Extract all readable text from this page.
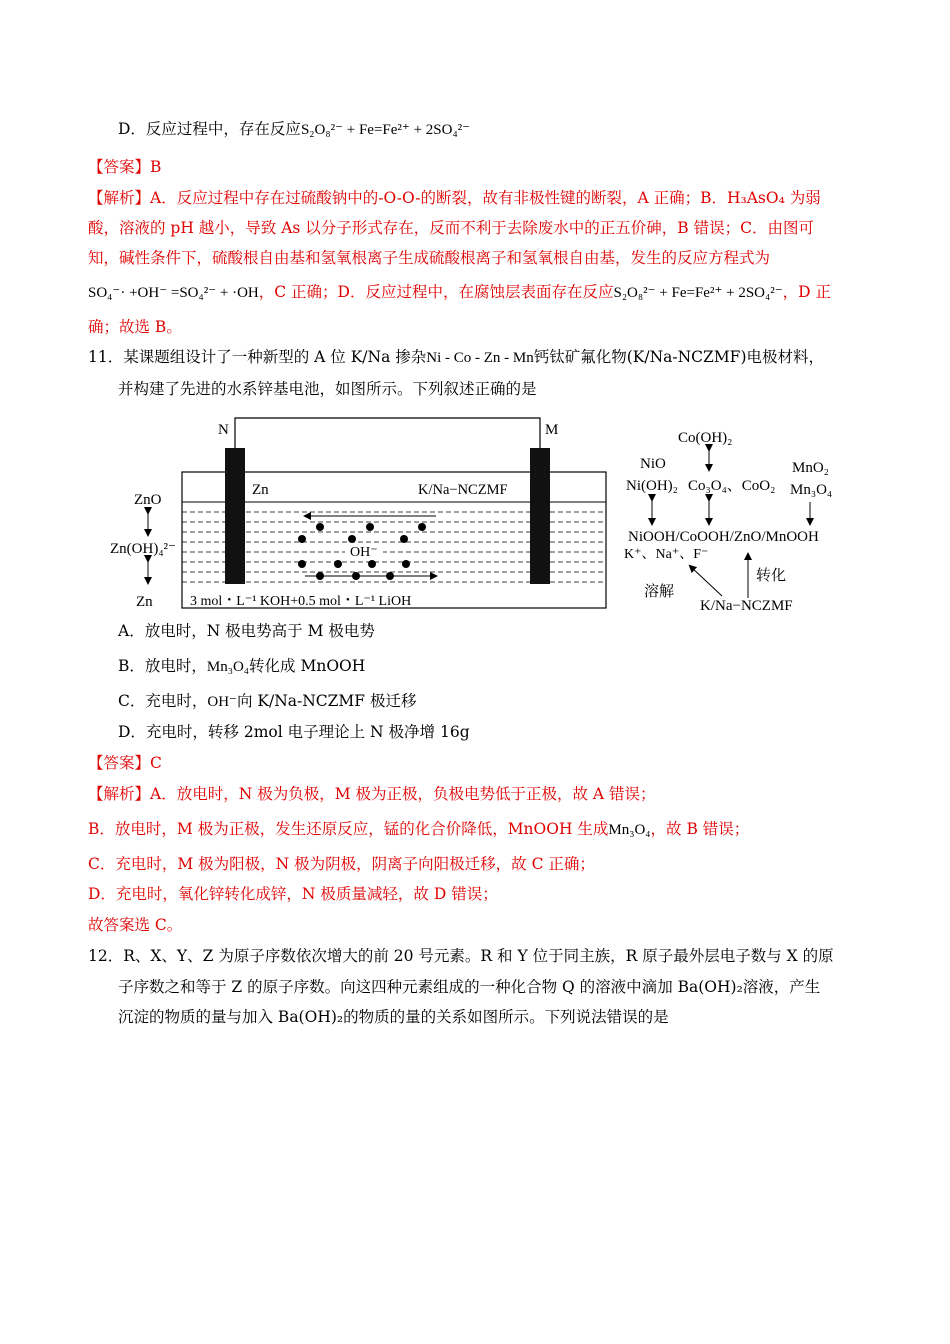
D．反应过程中，存在反应S₂O₈²⁻ + Fe=Fe²⁺ + 2SO₄²⁻
【答案】B
【解析】A．反应过程中存在过硫酸钠中的-O-O-的断裂，故有非极性键的断裂，A 正确；B．H₃AsO₄ 为弱
酸，溶液的 pH 越小，导致 As 以分子形式存在，反而不利于去除废水中的正五价砷，B 错误；C．由图可
知，碱性条件下，硫酸根自由基和氢氧根离子生成硫酸根离子和氢氧根自由基，发生的反应方程式为
SO₄⁻· +OH⁻ =SO₄²⁻ + ·OH，C 正确；D．反应过程中，在腐蚀层表面存在反应S₂O₈²⁻ + Fe=Fe²⁺ + 2SO₄²⁻，D 正
确；故选 B。
11．某课题组设计了一种新型的 A 位 K/Na 掺杂Ni - Co - Zn - Mn钙钛矿氟化物(K/Na-NCZMF)电极材料，
并构建了先进的水系锌基电池，如图所示。下列叙述正确的是
N	M
Zn	K/Na−NCZMF
OH⁻
3 mol・L⁻¹ KOH+0.5 mol・L⁻¹ LiOH
ZnO
Zn(OH)₄²⁻
Zn
Co(OH)₂
NiO
Ni(OH)₂ Co₃O₄、CoO₂
MnO₂
Mn₃O₄
NiOOH/CoOOH/ZnO/MnOOH
K⁺、Na⁺、F⁻
溶解
转化
K/Na−NCZMF
A．放电时，N 极电势高于 M 极电势
B．放电时，Mn₃O₄转化成 MnOOH
C．充电时，OH⁻向 K/Na-NCZMF 极迁移
D．充电时，转移 2mol 电子理论上 N 极净增 16g
【答案】C
【解析】A．放电时，N 极为负极，M 极为正极，负极电势低于正极，故 A 错误；
B．放电时，M 极为正极，发生还原反应，锰的化合价降低，MnOOH 生成Mn₃O₄，故 B 错误；
C．充电时，M 极为阳极，N 极为阴极，阴离子向阳极迁移，故 C 正确；
D．充电时，氧化锌转化成锌，N 极质量减轻，故 D 错误；
故答案选 C。
12．R、X、Y、Z 为原子序数依次增大的前 20 号元素。R 和 Y 位于同主族，R 原子最外层电子数与 X 的原
子序数之和等于 Z 的原子序数。向这四种元素组成的一种化合物 Q 的溶液中滴加 Ba(OH)₂溶液，产生
沉淀的物质的量与加入 Ba(OH)₂的物质的量的关系如图所示。下列说法错误的是
